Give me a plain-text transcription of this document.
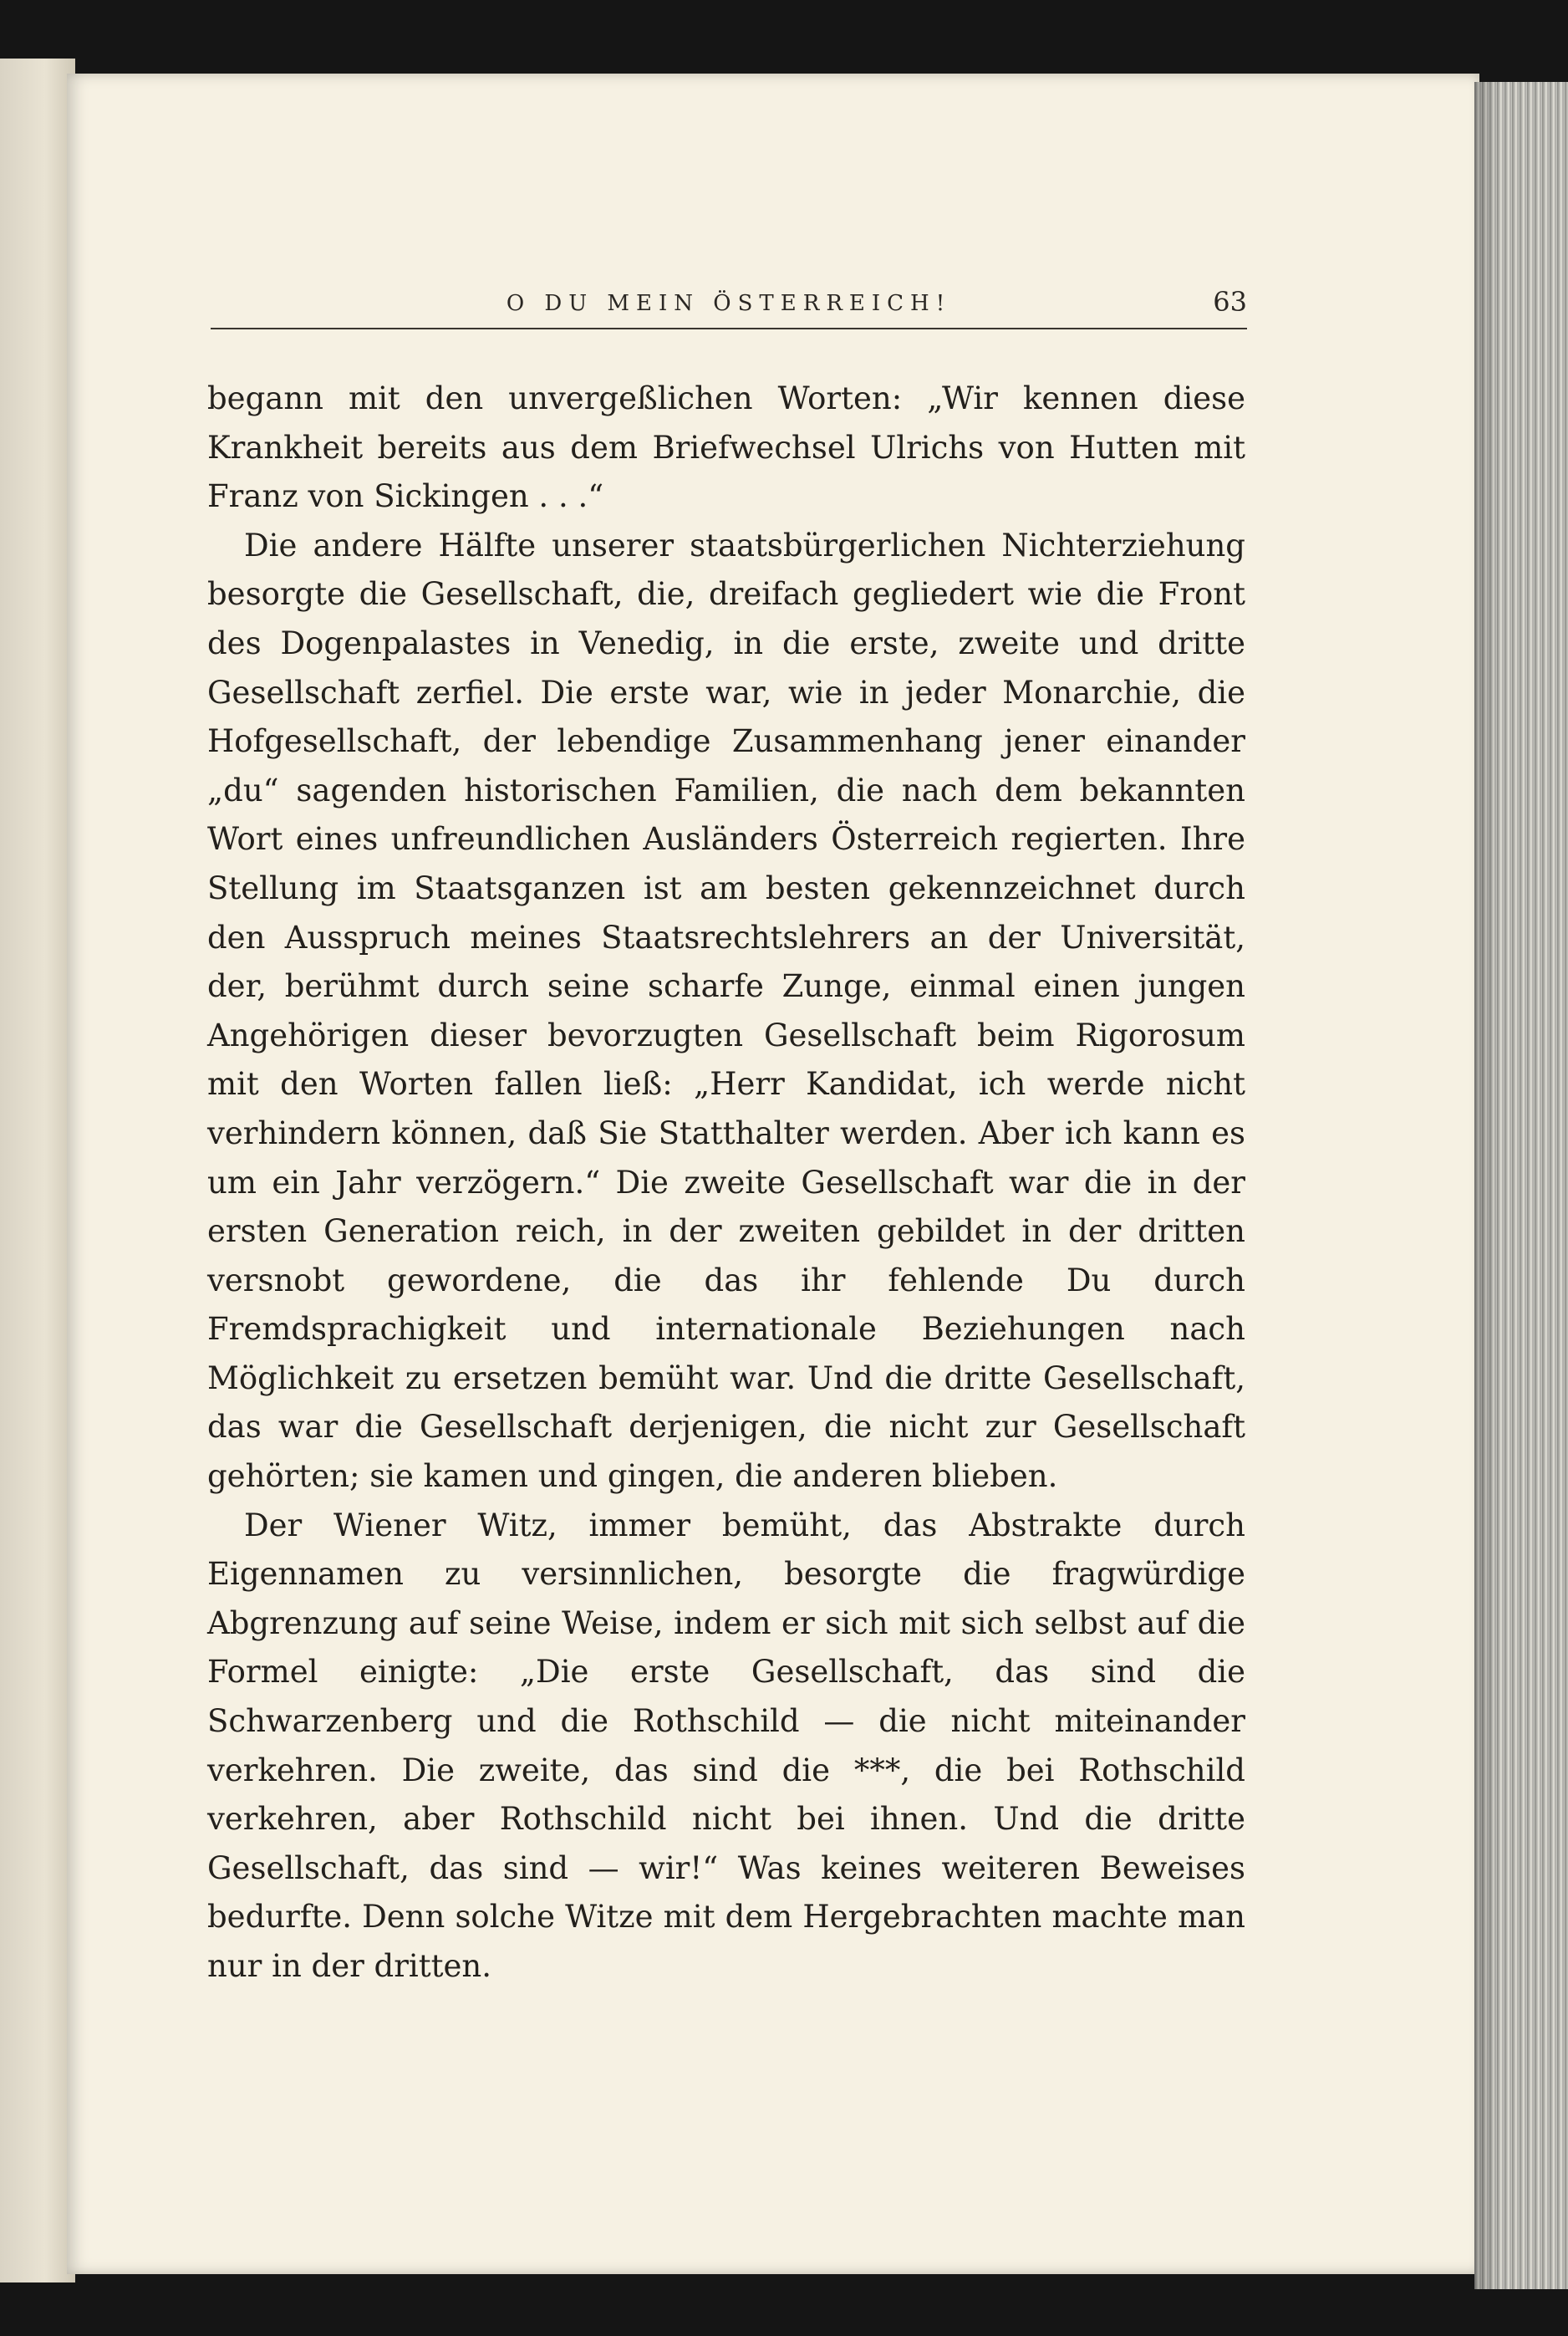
O DU MEIN ÖSTERREICH!	63

begann mit den unvergeßlichen Worten: „Wir kennen diese Krankheit bereits aus dem Briefwechsel Ulrichs von Hutten mit Franz von Sickingen . . .“

Die andere Hälfte unserer staatsbürgerlichen Nichterziehung besorgte die Gesellschaft, die, dreifach gegliedert wie die Front des Dogenpalastes in Venedig, in die erste, zweite und dritte Gesellschaft zerfiel. Die erste war, wie in jeder Monarchie, die Hofgesellschaft, der lebendige Zusammenhang jener einander „du“ sagenden historischen Familien, die nach dem bekannten Wort eines unfreundlichen Ausländers Österreich regierten. Ihre Stellung im Staatsganzen ist am besten gekennzeichnet durch den Ausspruch meines Staatsrechtslehrers an der Universität, der, berühmt durch seine scharfe Zunge, einmal einen jungen Angehörigen dieser bevorzugten Gesellschaft beim Rigorosum mit den Worten fallen ließ: „Herr Kandidat, ich werde nicht verhindern können, daß Sie Statthalter werden. Aber ich kann es um ein Jahr verzögern.“ Die zweite Gesellschaft war die in der ersten Generation reich, in der zweiten gebildet in der dritten versnobt gewordene, die das ihr fehlende Du durch Fremdsprachigkeit und internationale Beziehungen nach Möglichkeit zu ersetzen bemüht war. Und die dritte Gesellschaft, das war die Gesellschaft derjenigen, die nicht zur Gesellschaft gehörten; sie kamen und gingen, die anderen blieben.

Der Wiener Witz, immer bemüht, das Abstrakte durch Eigennamen zu versinnlichen, besorgte die fragwürdige Abgrenzung auf seine Weise, indem er sich mit sich selbst auf die Formel einigte: „Die erste Gesellschaft, das sind die Schwarzenberg und die Rothschild — die nicht miteinander verkehren. Die zweite, das sind die ***, die bei Rothschild verkehren, aber Rothschild nicht bei ihnen. Und die dritte Gesellschaft, das sind — wir!“ Was keines weiteren Beweises bedurfte. Denn solche Witze mit dem Hergebrachten machte man nur in der dritten.
